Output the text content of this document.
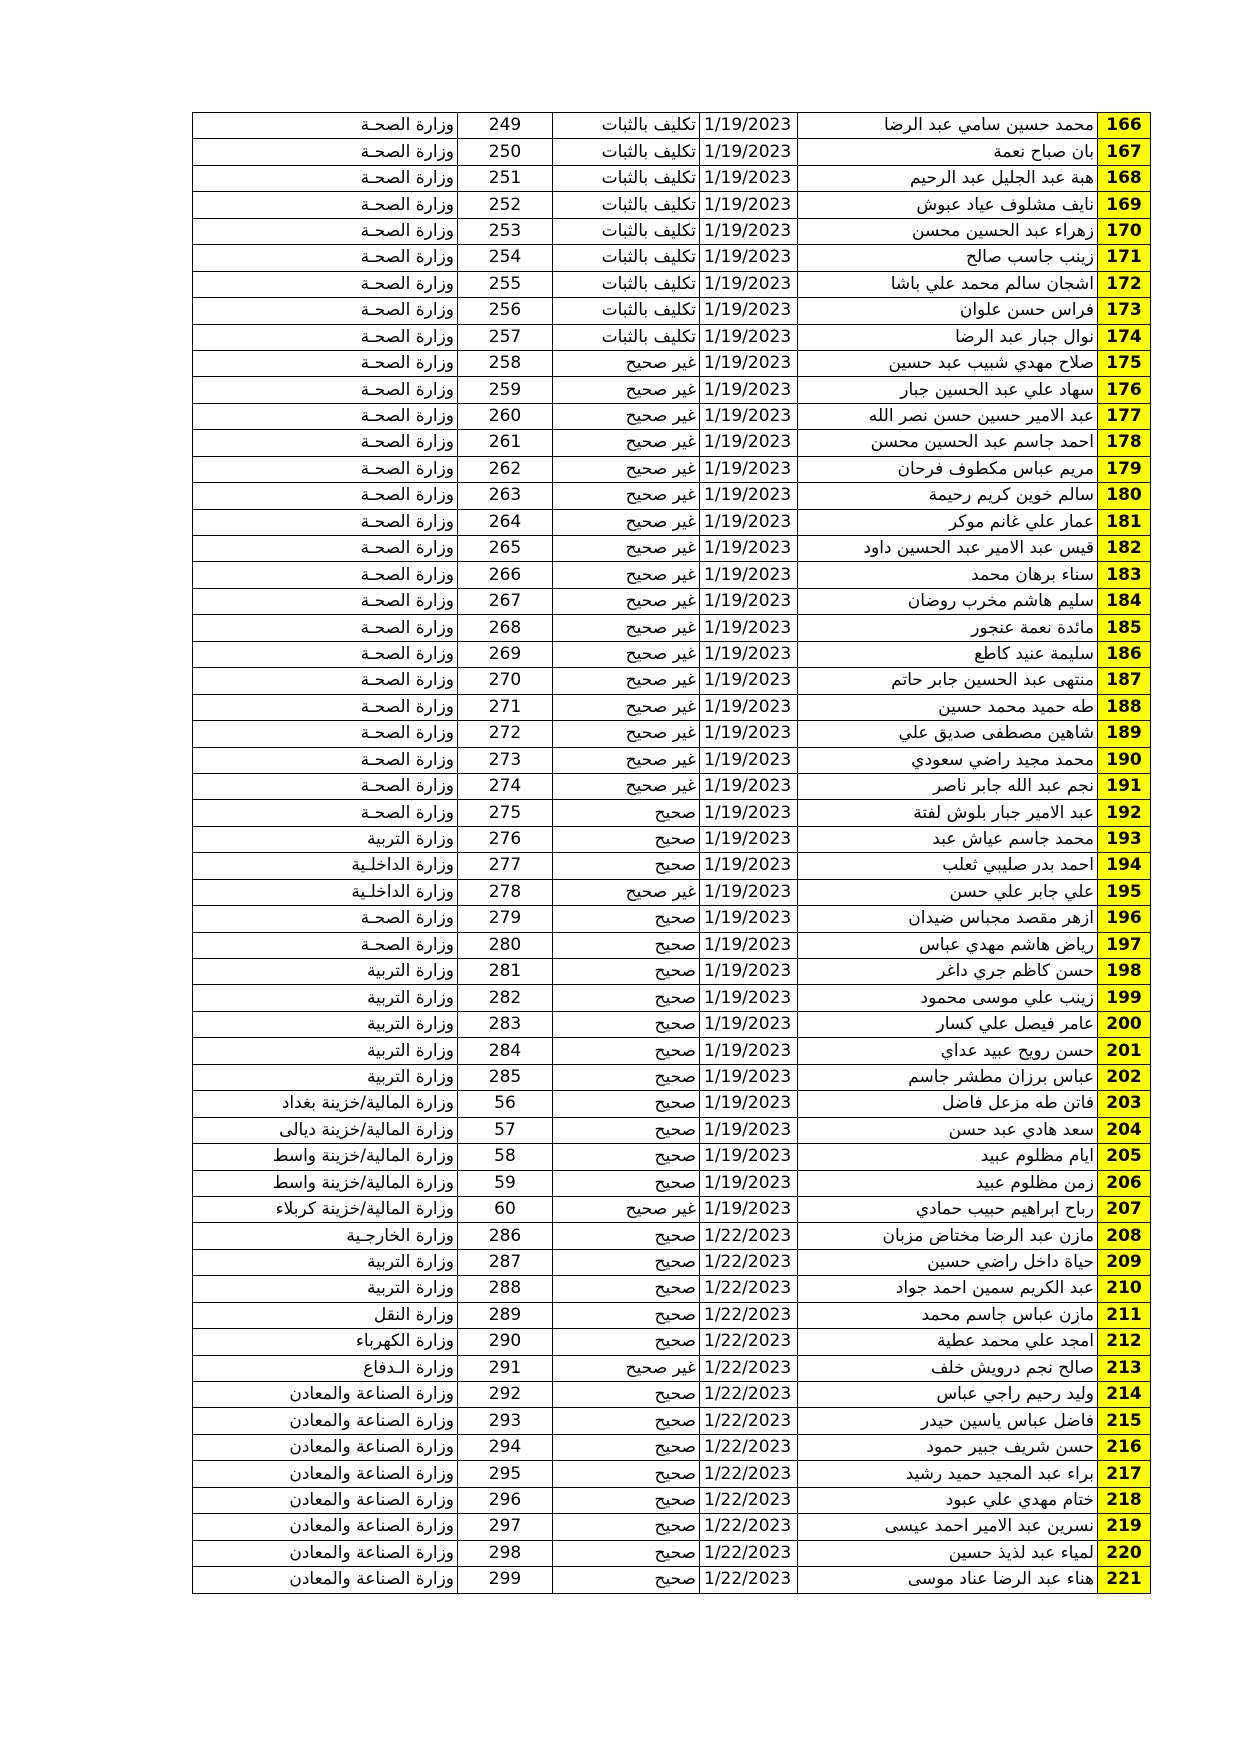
وزارة الصحـة	249	تكليف بالثبات	1/19/2023	محمد حسين سامي عبد الرضا	166
وزارة الصحـة	250	تكليف بالثبات	1/19/2023	بان صباح نعمة	167
وزارة الصحـة	251	تكليف بالثبات	1/19/2023	هبة عبد الجليل عبد الرحيم	168
وزارة الصحـة	252	تكليف بالثبات	1/19/2023	نايف مشلوف عياد عبوش	169
وزارة الصحـة	253	تكليف بالثبات	1/19/2023	زهراء عبد الحسين محسن	170
وزارة الصحـة	254	تكليف بالثبات	1/19/2023	زينب جاسب صالح	171
وزارة الصحـة	255	تكليف بالثبات	1/19/2023	اشجان سالم محمد علي باشا	172
وزارة الصحـة	256	تكليف بالثبات	1/19/2023	فراس حسن علوان	173
وزارة الصحـة	257	تكليف بالثبات	1/19/2023	نوال جبار عبد الرضا	174
وزارة الصحـة	258	غير صحيح	1/19/2023	صلاح مهدي شبيب عبد حسين	175
وزارة الصحـة	259	غير صحيح	1/19/2023	سهاد علي عبد الحسين جبار	176
وزارة الصحـة	260	غير صحيح	1/19/2023	عبد الامير حسين حسن نصر الله	177
وزارة الصحـة	261	غير صحيح	1/19/2023	احمد جاسم عبد الحسين محسن	178
وزارة الصحـة	262	غير صحيح	1/19/2023	مريم عباس مكطوف فرحان	179
وزارة الصحـة	263	غير صحيح	1/19/2023	سالم خوين كريم رحيمة	180
وزارة الصحـة	264	غير صحيح	1/19/2023	عمار علي غانم موكر	181
وزارة الصحـة	265	غير صحيح	1/19/2023	قيس عبد الامير عبد الحسين داود	182
وزارة الصحـة	266	غير صحيح	1/19/2023	سناء برهان محمد	183
وزارة الصحـة	267	غير صحيح	1/19/2023	سليم هاشم مخرب روضان	184
وزارة الصحـة	268	غير صحيح	1/19/2023	مائدة نعمة عنجور	185
وزارة الصحـة	269	غير صحيح	1/19/2023	سليمة عنيد كاطع	186
وزارة الصحـة	270	غير صحيح	1/19/2023	منتهى عبد الحسين جابر حاتم	187
وزارة الصحـة	271	غير صحيح	1/19/2023	طه حميد محمد حسين	188
وزارة الصحـة	272	غير صحيح	1/19/2023	شاهين مصطفى صديق علي	189
وزارة الصحـة	273	غير صحيح	1/19/2023	محمد مجيد راضي سعودي	190
وزارة الصحـة	274	غير صحيح	1/19/2023	نجم عبد الله جابر ناصر	191
وزارة الصحـة	275	صحيح	1/19/2023	عبد الامير جبار بلوش لفتة	192
وزارة التربية	276	صحيح	1/19/2023	محمد جاسم عياش عبد	193
وزارة الداخلـية	277	صحيح	1/19/2023	احمد بدر صليبي ثعلب	194
وزارة الداخلـية	278	غير صحيح	1/19/2023	علي جابر علي حسن	195
وزارة الصحـة	279	صحيح	1/19/2023	ازهر مقصد مجباس ضيدان	196
وزارة الصحـة	280	صحيح	1/19/2023	رياض هاشم مهدي عباس	197
وزارة التربية	281	صحيح	1/19/2023	حسن كاظم جري داغر	198
وزارة التربية	282	صحيح	1/19/2023	زينب علي موسى محمود	199
وزارة التربية	283	صحيح	1/19/2023	عامر فيصل علي كسار	200
وزارة التربية	284	صحيح	1/19/2023	حسن رويح عبيد عداي	201
وزارة التربية	285	صحيح	1/19/2023	عباس برزان مطشر جاسم	202
وزارة المالية/خزينة بغداد	56	صحيح	1/19/2023	فاتن طه مزعل فاضل	203
وزارة المالية/خزينة ديالى	57	صحيح	1/19/2023	سعد هادي عبد حسن	204
وزارة المالية/خزينة واسط	58	صحيح	1/19/2023	ايام مظلوم عبيد	205
وزارة المالية/خزينة واسط	59	صحيح	1/19/2023	زمن مظلوم عبيد	206
وزارة المالية/خزينة كربلاء	60	غير صحيح	1/19/2023	رباح ابراهيم حبيب حمادي	207
وزارة الخارجـية	286	صحيح	1/22/2023	مازن عبد الرضا مختاض مزبان	208
وزارة التربية	287	صحيح	1/22/2023	حياة داخل راضي حسين	209
وزارة التربية	288	صحيح	1/22/2023	عبد الكريم سمين احمد جواد	210
وزارة النقل	289	صحيح	1/22/2023	مازن عباس جاسم محمد	211
وزارة الكهرباء	290	صحيح	1/22/2023	امجد علي محمد عطية	212
وزارة الـدفاع	291	غير صحيح	1/22/2023	صالح نجم درويش خلف	213
وزارة الصناعة والمعادن	292	صحيح	1/22/2023	وليد رحيم راجي عباس	214
وزارة الصناعة والمعادن	293	صحيح	1/22/2023	فاضل عباس ياسين حيدر	215
وزارة الصناعة والمعادن	294	صحيح	1/22/2023	حسن شريف جبير حمود	216
وزارة الصناعة والمعادن	295	صحيح	1/22/2023	براء عبد المجيد حميد رشيد	217
وزارة الصناعة والمعادن	296	صحيح	1/22/2023	ختام مهدي علي عبود	218
وزارة الصناعة والمعادن	297	صحيح	1/22/2023	نسرين عبد الامير احمد عيسى	219
وزارة الصناعة والمعادن	298	صحيح	1/22/2023	لمياء عبد لذيذ حسين	220
وزارة الصناعة والمعادن	299	صحيح	1/22/2023	هناء عبد الرضا عناد موسى	221
